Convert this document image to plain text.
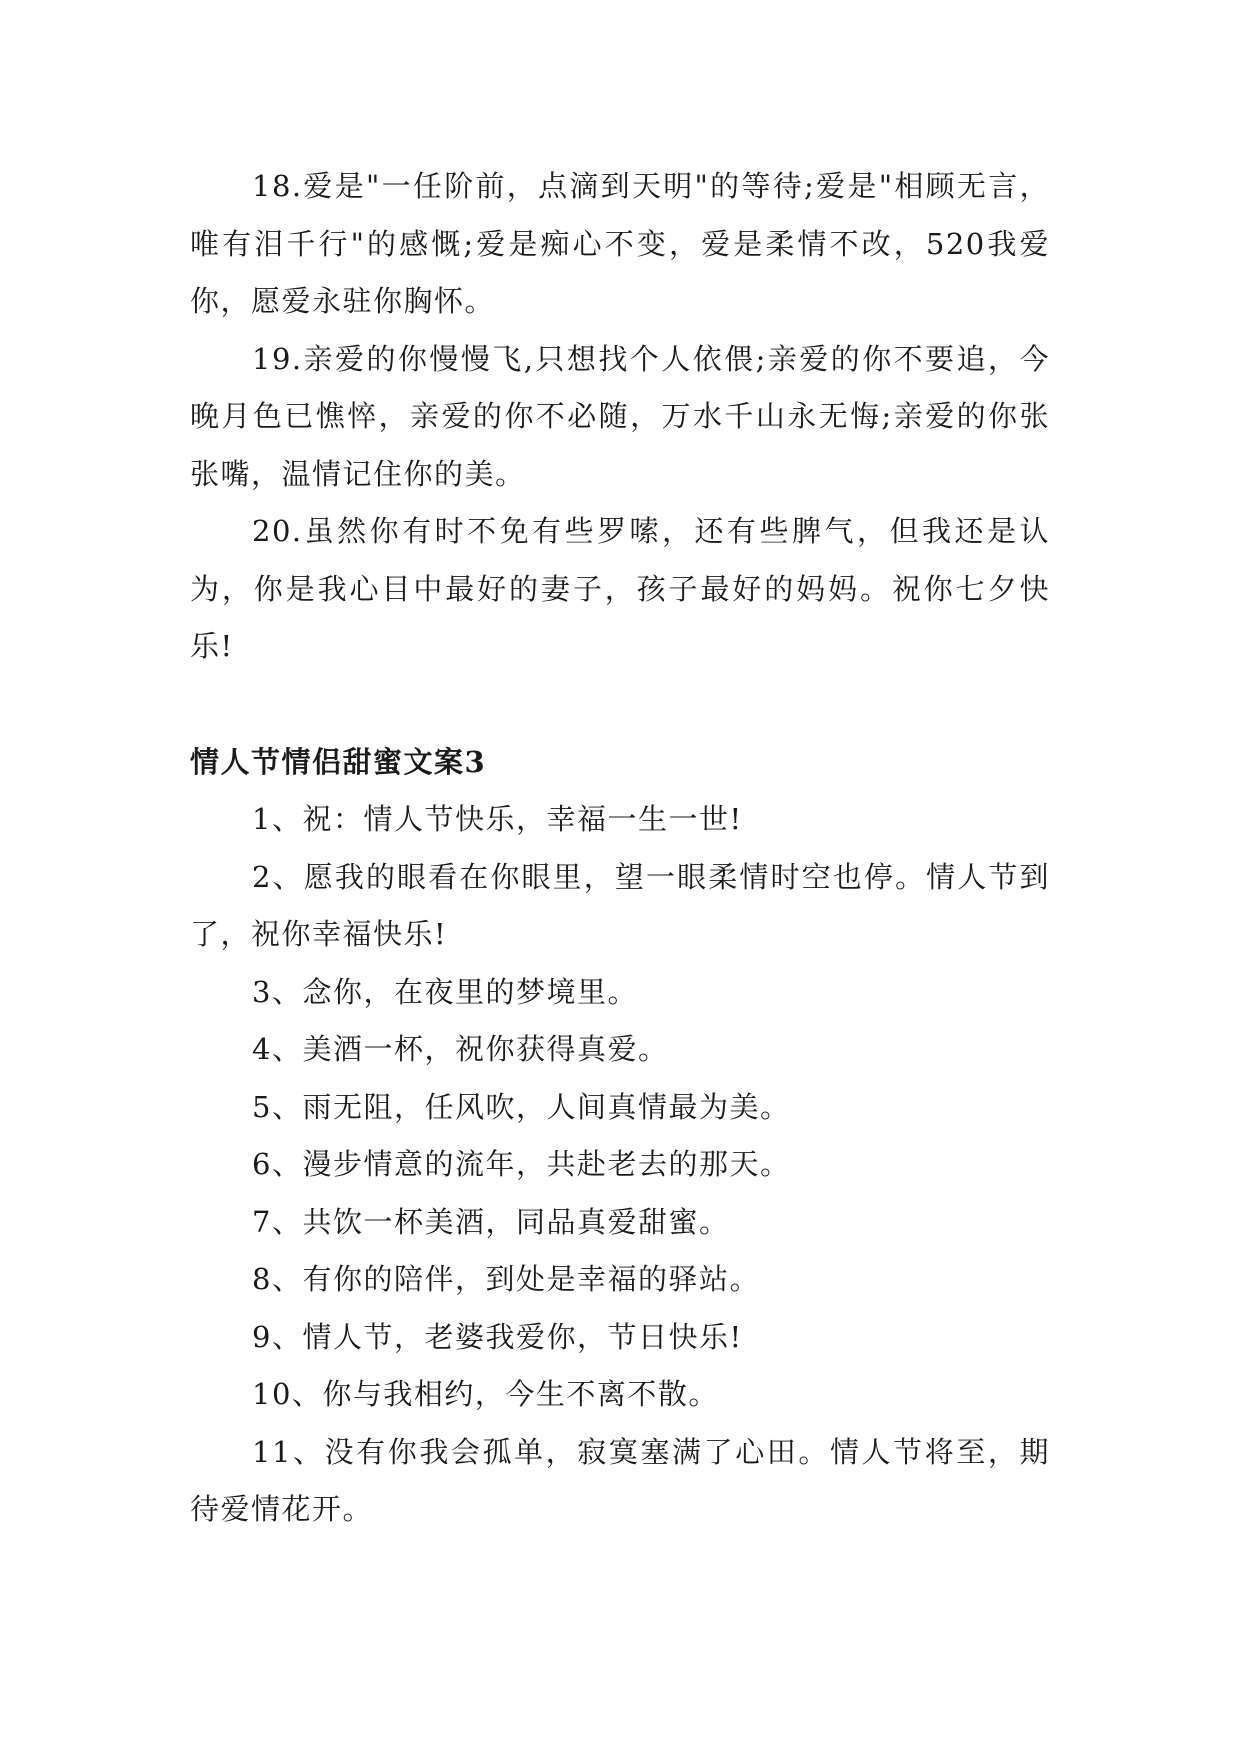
18.爱是"一任阶前，点滴到天明"的等待;爱是"相顾无言，唯有泪千行"的感慨;爱是痴心不变，爱是柔情不改，520我爱你，愿爱永驻你胸怀。

19.亲爱的你慢慢飞,只想找个人依偎;亲爱的你不要追，今晚月色已憔悴，亲爱的你不必随，万水千山永无悔;亲爱的你张张嘴，温情记住你的美。

20.虽然你有时不免有些罗嗦，还有些脾气，但我还是认为，你是我心目中最好的妻子，孩子最好的妈妈。祝你七夕快乐!

情人节情侣甜蜜文案3

1、祝：情人节快乐，幸福一生一世!

2、愿我的眼看在你眼里，望一眼柔情时空也停。情人节到了，祝你幸福快乐!

3、念你，在夜里的梦境里。

4、美酒一杯，祝你获得真爱。

5、雨无阻，任风吹，人间真情最为美。

6、漫步情意的流年，共赴老去的那天。

7、共饮一杯美酒，同品真爱甜蜜。

8、有你的陪伴，到处是幸福的驿站。

9、情人节，老婆我爱你，节日快乐!

10、你与我相约，今生不离不散。

11、没有你我会孤单，寂寞塞满了心田。情人节将至，期待爱情花开。
